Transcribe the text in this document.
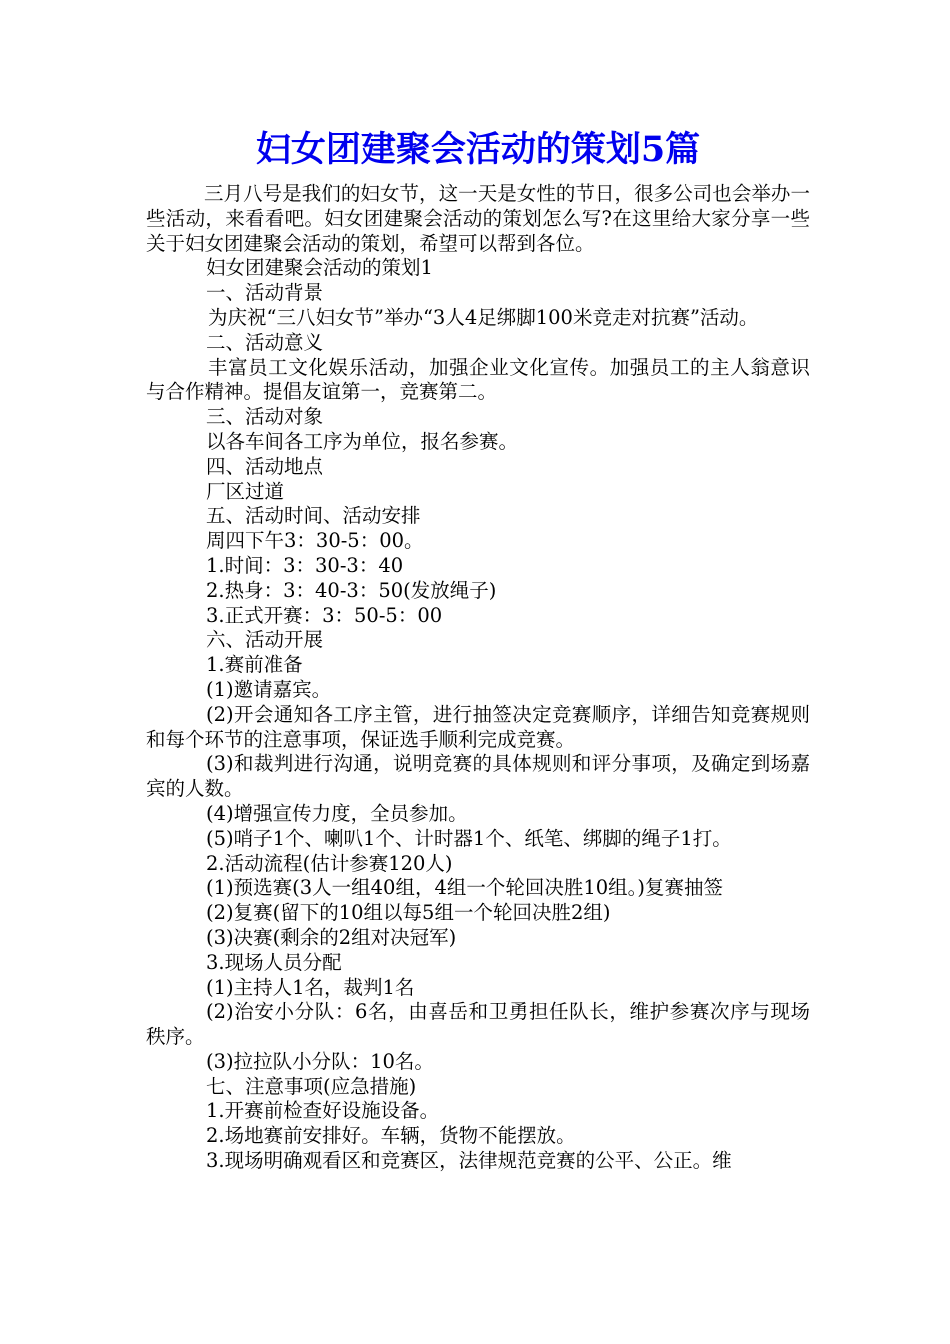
妇女团建聚会活动的策划5篇

三月八号是我们的妇女节，这一天是女性的节日，很多公司也会举办一些活动，来看看吧。妇女团建聚会活动的策划怎么写?在这里给大家分享一些关于妇女团建聚会活动的策划，希望可以帮到各位。

妇女团建聚会活动的策划1

一、活动背景

为庆祝“三八妇女节”举办“3人4足绑脚100米竞走对抗赛”活动。

二、活动意义

丰富员工文化娱乐活动，加强企业文化宣传。加强员工的主人翁意识与合作精神。提倡友谊第一，竞赛第二。

三、活动对象

以各车间各工序为单位，报名参赛。

四、活动地点

厂区过道

五、活动时间、活动安排

周四下午3：30-5：00。

1.时间：3：30-3：40

2.热身：3：40-3：50(发放绳子)

3.正式开赛：3：50-5：00

六、活动开展

1.赛前准备

(1)邀请嘉宾。

(2)开会通知各工序主管，进行抽签决定竞赛顺序，详细告知竞赛规则和每个环节的注意事项，保证选手顺利完成竞赛。

(3)和裁判进行沟通，说明竞赛的具体规则和评分事项，及确定到场嘉宾的人数。

(4)增强宣传力度，全员参加。

(5)哨子1个、喇叭1个、计时器1个、纸笔、绑脚的绳子1打。

2.活动流程(估计参赛120人)

(1)预选赛(3人一组40组，4组一个轮回决胜10组。)复赛抽签

(2)复赛(留下的10组以每5组一个轮回决胜2组)

(3)决赛(剩余的2组对决冠军)

3.现场人员分配

(1)主持人1名，裁判1名

(2)治安小分队：6名，由喜岳和卫勇担任队长，维护参赛次序与现场秩序。

(3)拉拉队小分队：10名。

七、注意事项(应急措施)

1.开赛前检查好设施设备。

2.场地赛前安排好。车辆，货物不能摆放。

3.现场明确观看区和竞赛区，法律规范竞赛的公平、公正。维
